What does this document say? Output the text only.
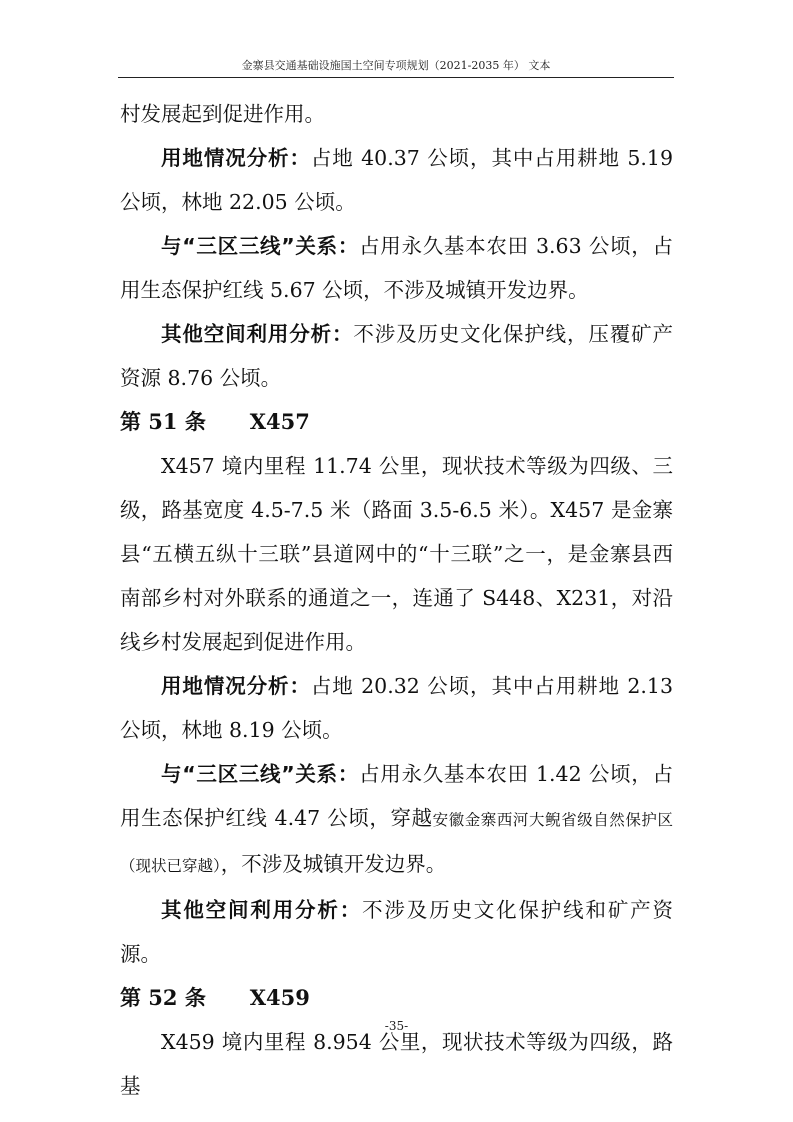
金寨县交通基础设施国土空间专项规划（2021-2035 年） 文本

村发展起到促进作用。

用地情况分析：占地 40.37 公顷，其中占用耕地 5.19 公顷，林地 22.05 公顷。

与“三区三线”关系：占用永久基本农田 3.63 公顷，占用生态保护红线 5.67 公顷，不涉及城镇开发边界。

其他空间利用分析：不涉及历史文化保护线，压覆矿产资源 8.76 公顷。

第 51 条      X457

X457 境内里程 11.74 公里，现状技术等级为四级、三级，路基宽度 4.5-7.5 米（路面 3.5-6.5 米）。X457 是金寨县“五横五纵十三联”县道网中的“十三联”之一，是金寨县西南部乡村对外联系的通道之一，连通了 S448、X231，对沿线乡村发展起到促进作用。

用地情况分析：占地 20.32 公顷，其中占用耕地 2.13 公顷，林地 8.19 公顷。

与“三区三线”关系：占用永久基本农田 1.42 公顷，占用生态保护红线 4.47 公顷，穿越安徽金寨西河大鲵省级自然保护区（现状已穿越），不涉及城镇开发边界。

其他空间利用分析：不涉及历史文化保护线和矿产资源。

第 52 条      X459

X459 境内里程 8.954 公里，现状技术等级为四级，路基

-35-
